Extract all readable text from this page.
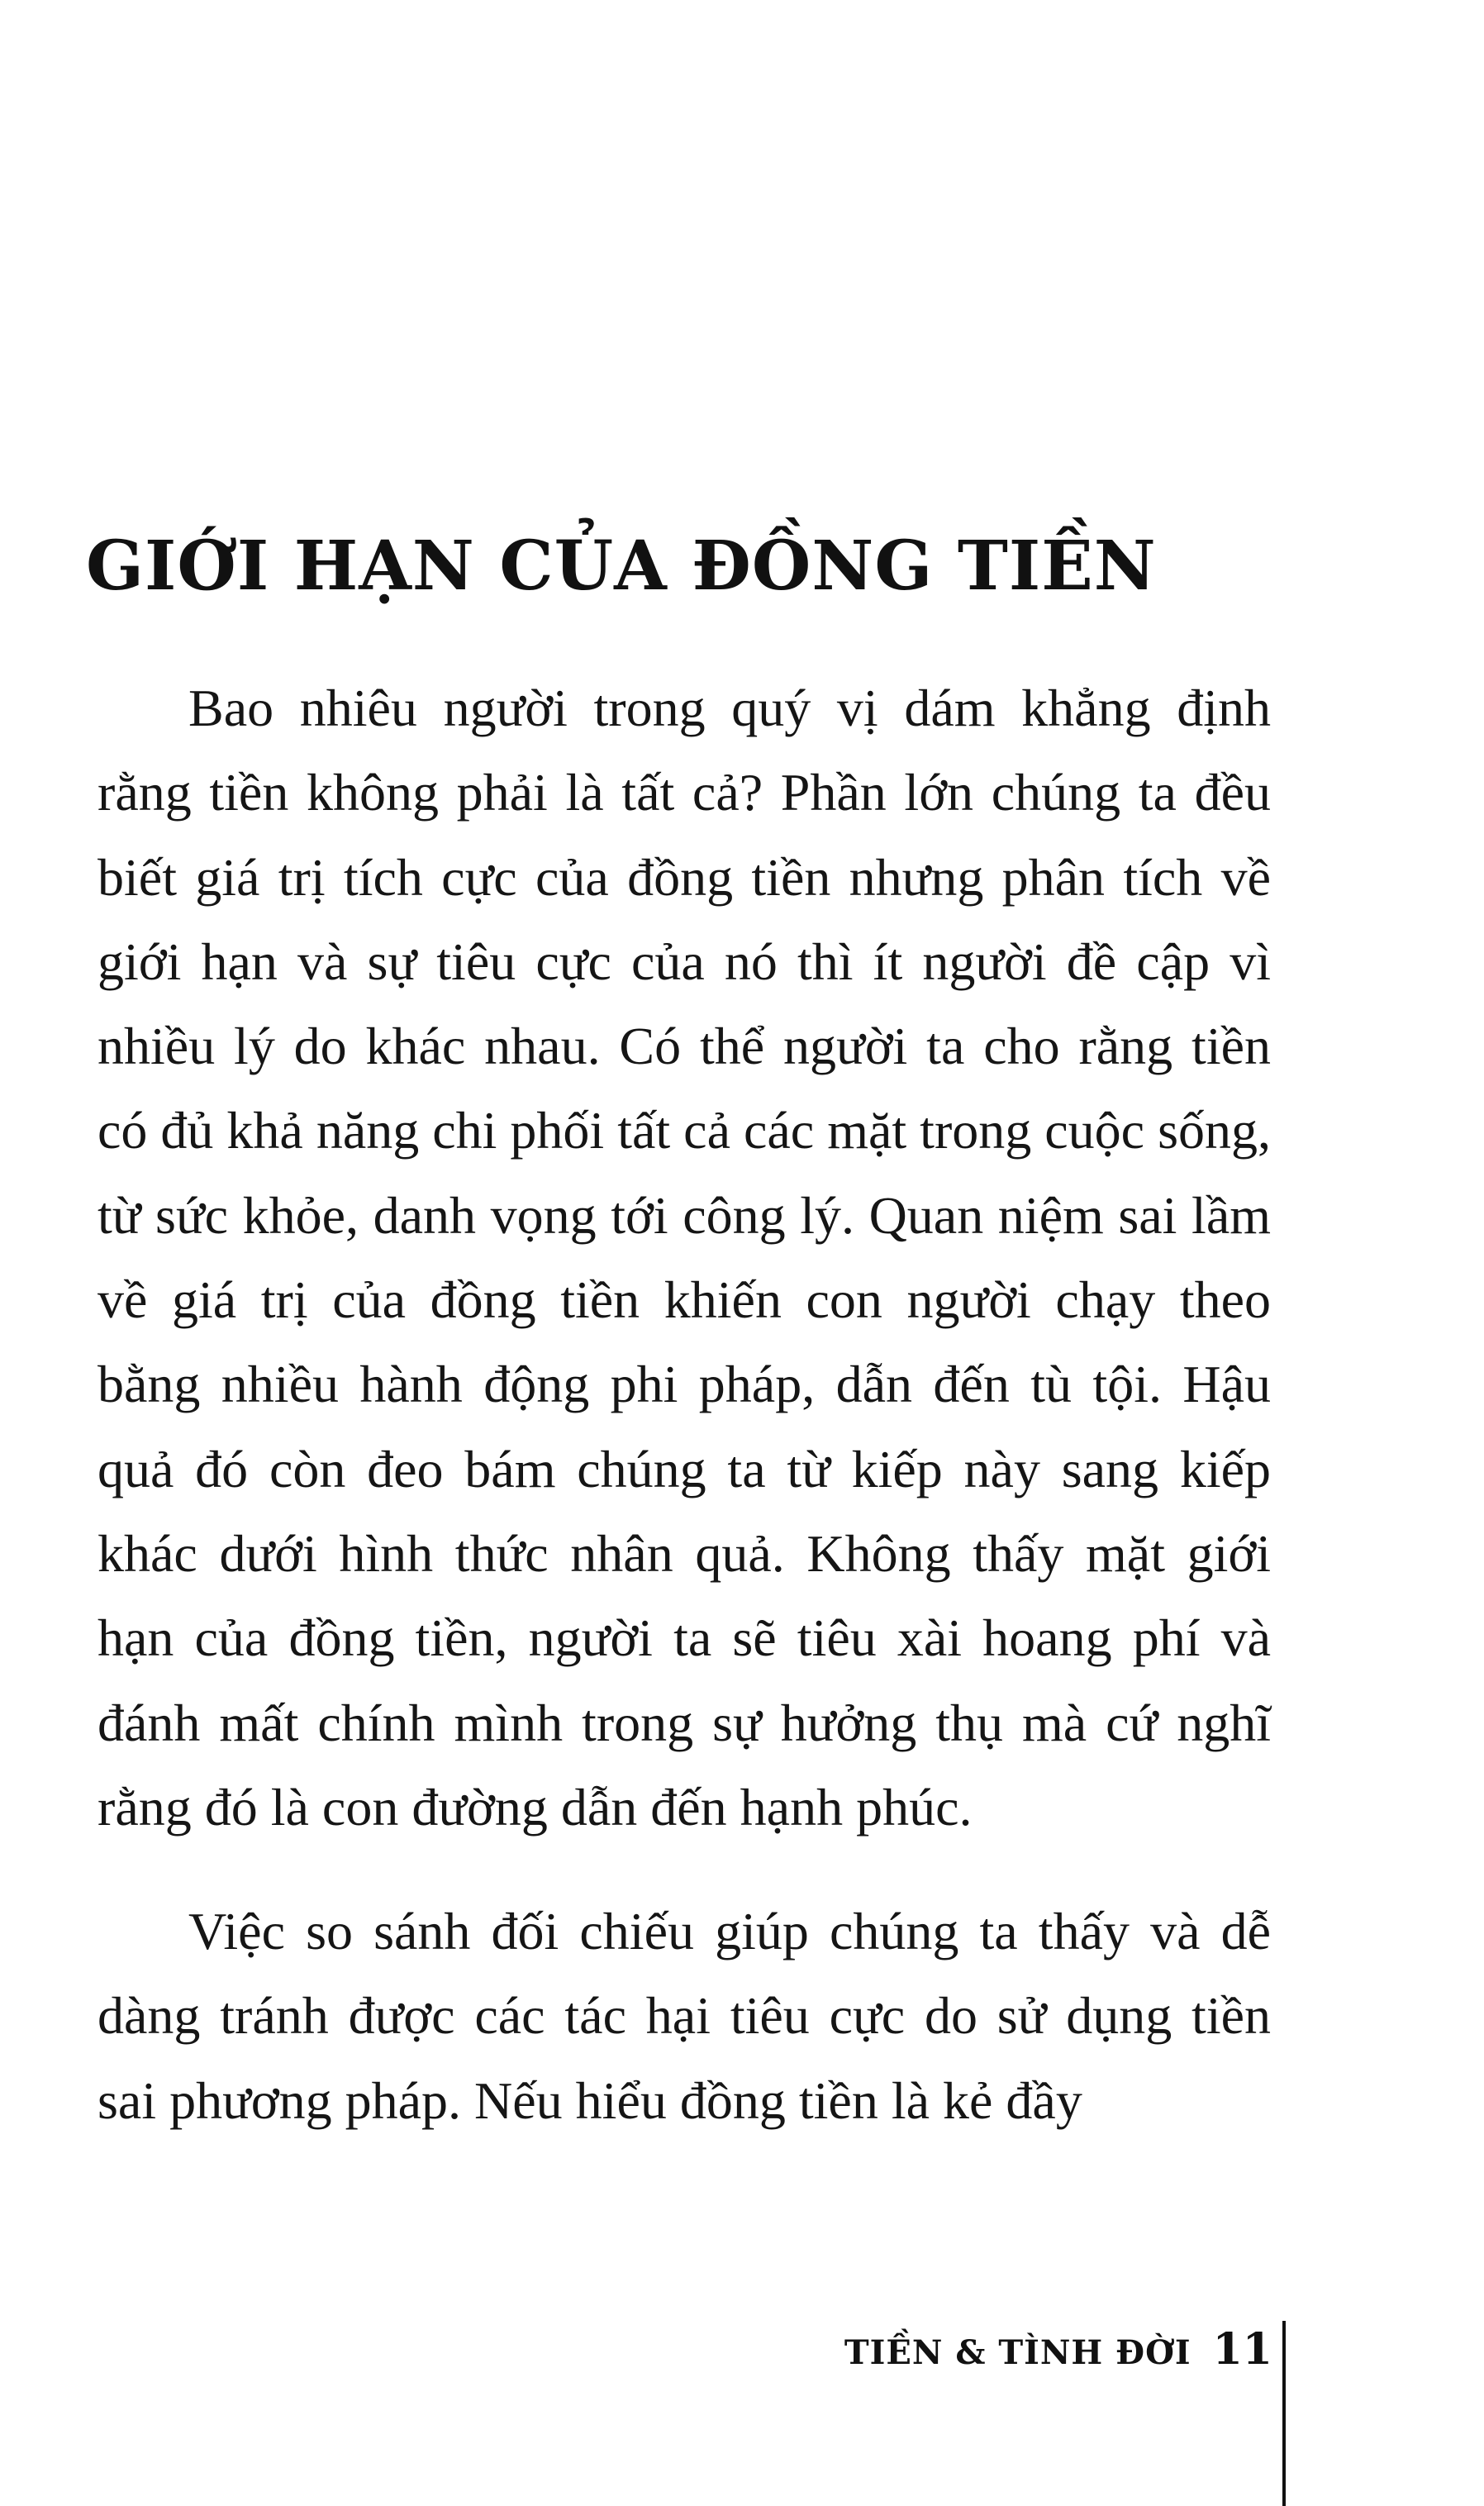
GIỚI HẠN CỦA ĐỒNG TIỀN

Bao nhiêu người trong quý vị dám khẳng định rằng tiền không phải là tất cả? Phần lớn chúng ta đều biết giá trị tích cực của đồng tiền nhưng phân tích về giới hạn và sự tiêu cực của nó thì ít người đề cập vì nhiều lý do khác nhau. Có thể người ta cho rằng tiền có đủ khả năng chi phối tất cả các mặt trong cuộc sống, từ sức khỏe, danh vọng tới công lý. Quan niệm sai lầm về giá trị của đồng tiền khiến con người chạy theo bằng nhiều hành động phi pháp, dẫn đến tù tội. Hậu quả đó còn đeo bám chúng ta từ kiếp này sang kiếp khác dưới hình thức nhân quả. Không thấy mặt giới hạn của đồng tiền, người ta sẽ tiêu xài hoang phí và đánh mất chính mình trong sự hưởng thụ mà cứ nghĩ rằng đó là con đường dẫn đến hạnh phúc.

Việc so sánh đối chiếu giúp chúng ta thấy và dễ dàng tránh được các tác hại tiêu cực do sử dụng tiền sai phương pháp. Nếu hiểu đồng tiền là kẻ đầy

TIỀN & TÌNH ĐỜI 11
